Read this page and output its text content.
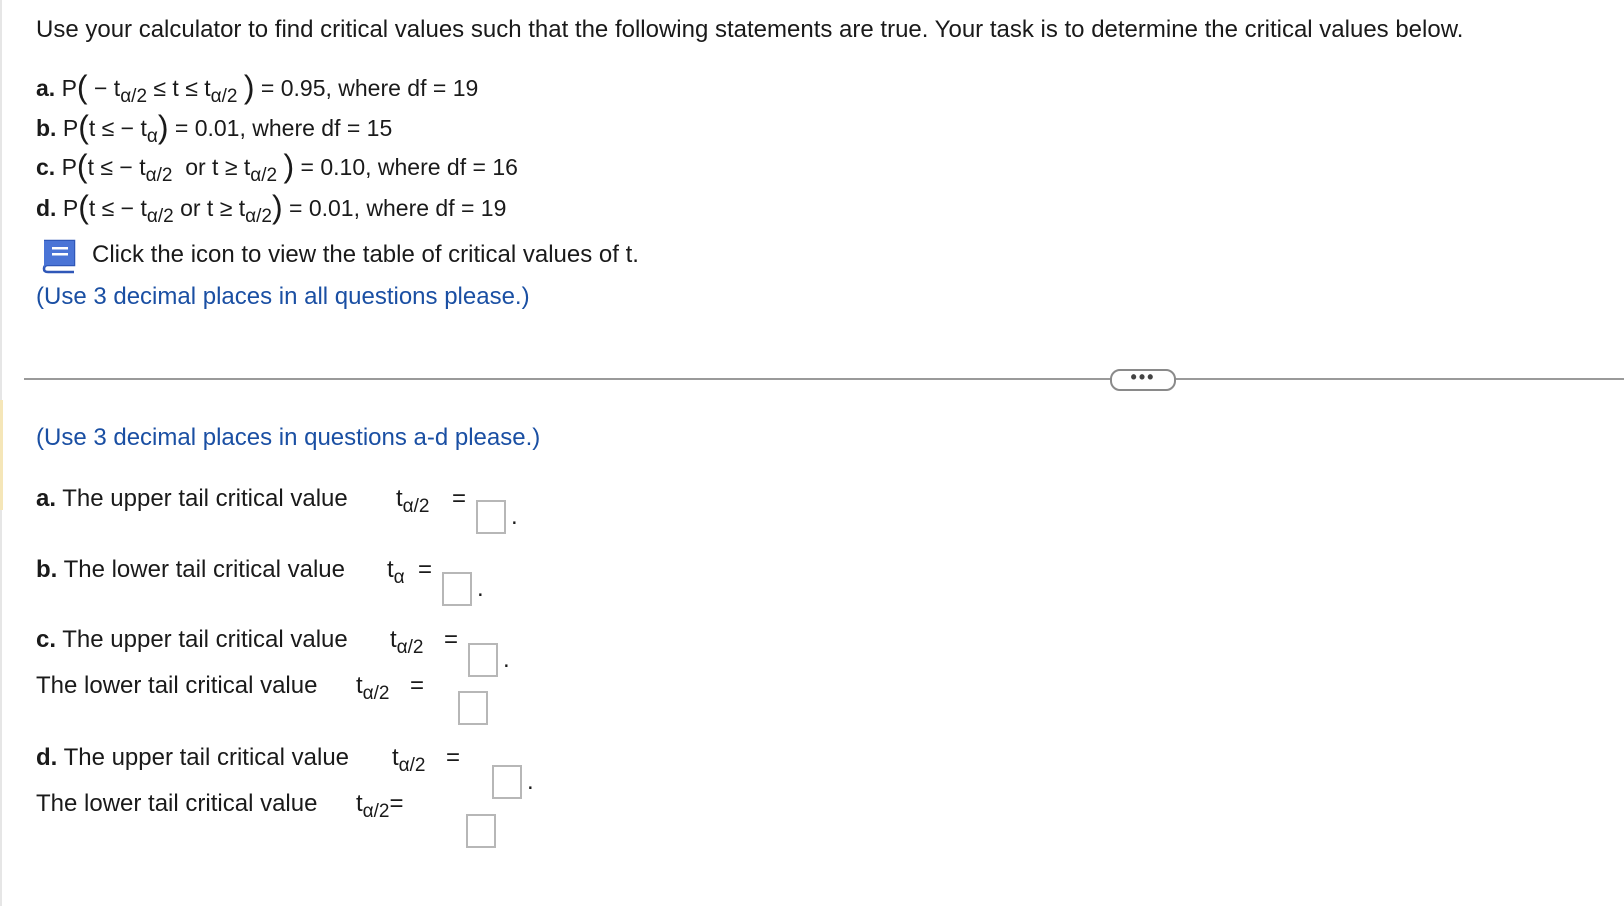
Use your calculator to find critical values such that the following statements are true. Your task is to determine the critical values below.
a. $P( - t_{\alpha/2} \le t \le t_{\alpha/2}$ ) = 0.95, where df = 19
b. P(t ≤ − $t_\alpha) = 0.01$, where df = 15
c. P(t ≤ − $t_{\alpha/2}$  or $t \ge t_{\alpha/2}$ ) = 0.10, where df = 16
d. P(t ≤ − $t_{\alpha/2}$ or $t \ge t_{\alpha/2}) = 0.01$, where df = 19
Click the icon to view the table of critical values of t.
(Use 3 decimal places in all questions please.)
•••
(Use 3 decimal places in questions a-d please.)
a. The upper tail critical value $t_{\alpha/2}$ =
.
b. The lower tail critical value $t_\alpha$ =
.
c. The upper tail critical value $t_{\alpha/2}$ =
.
The lower tail critical value $t_{\alpha/2}$ =
d. The upper tail critical value $t_{\alpha/2}$ =
.
The lower tail critical value $t_{\alpha/2}=$
